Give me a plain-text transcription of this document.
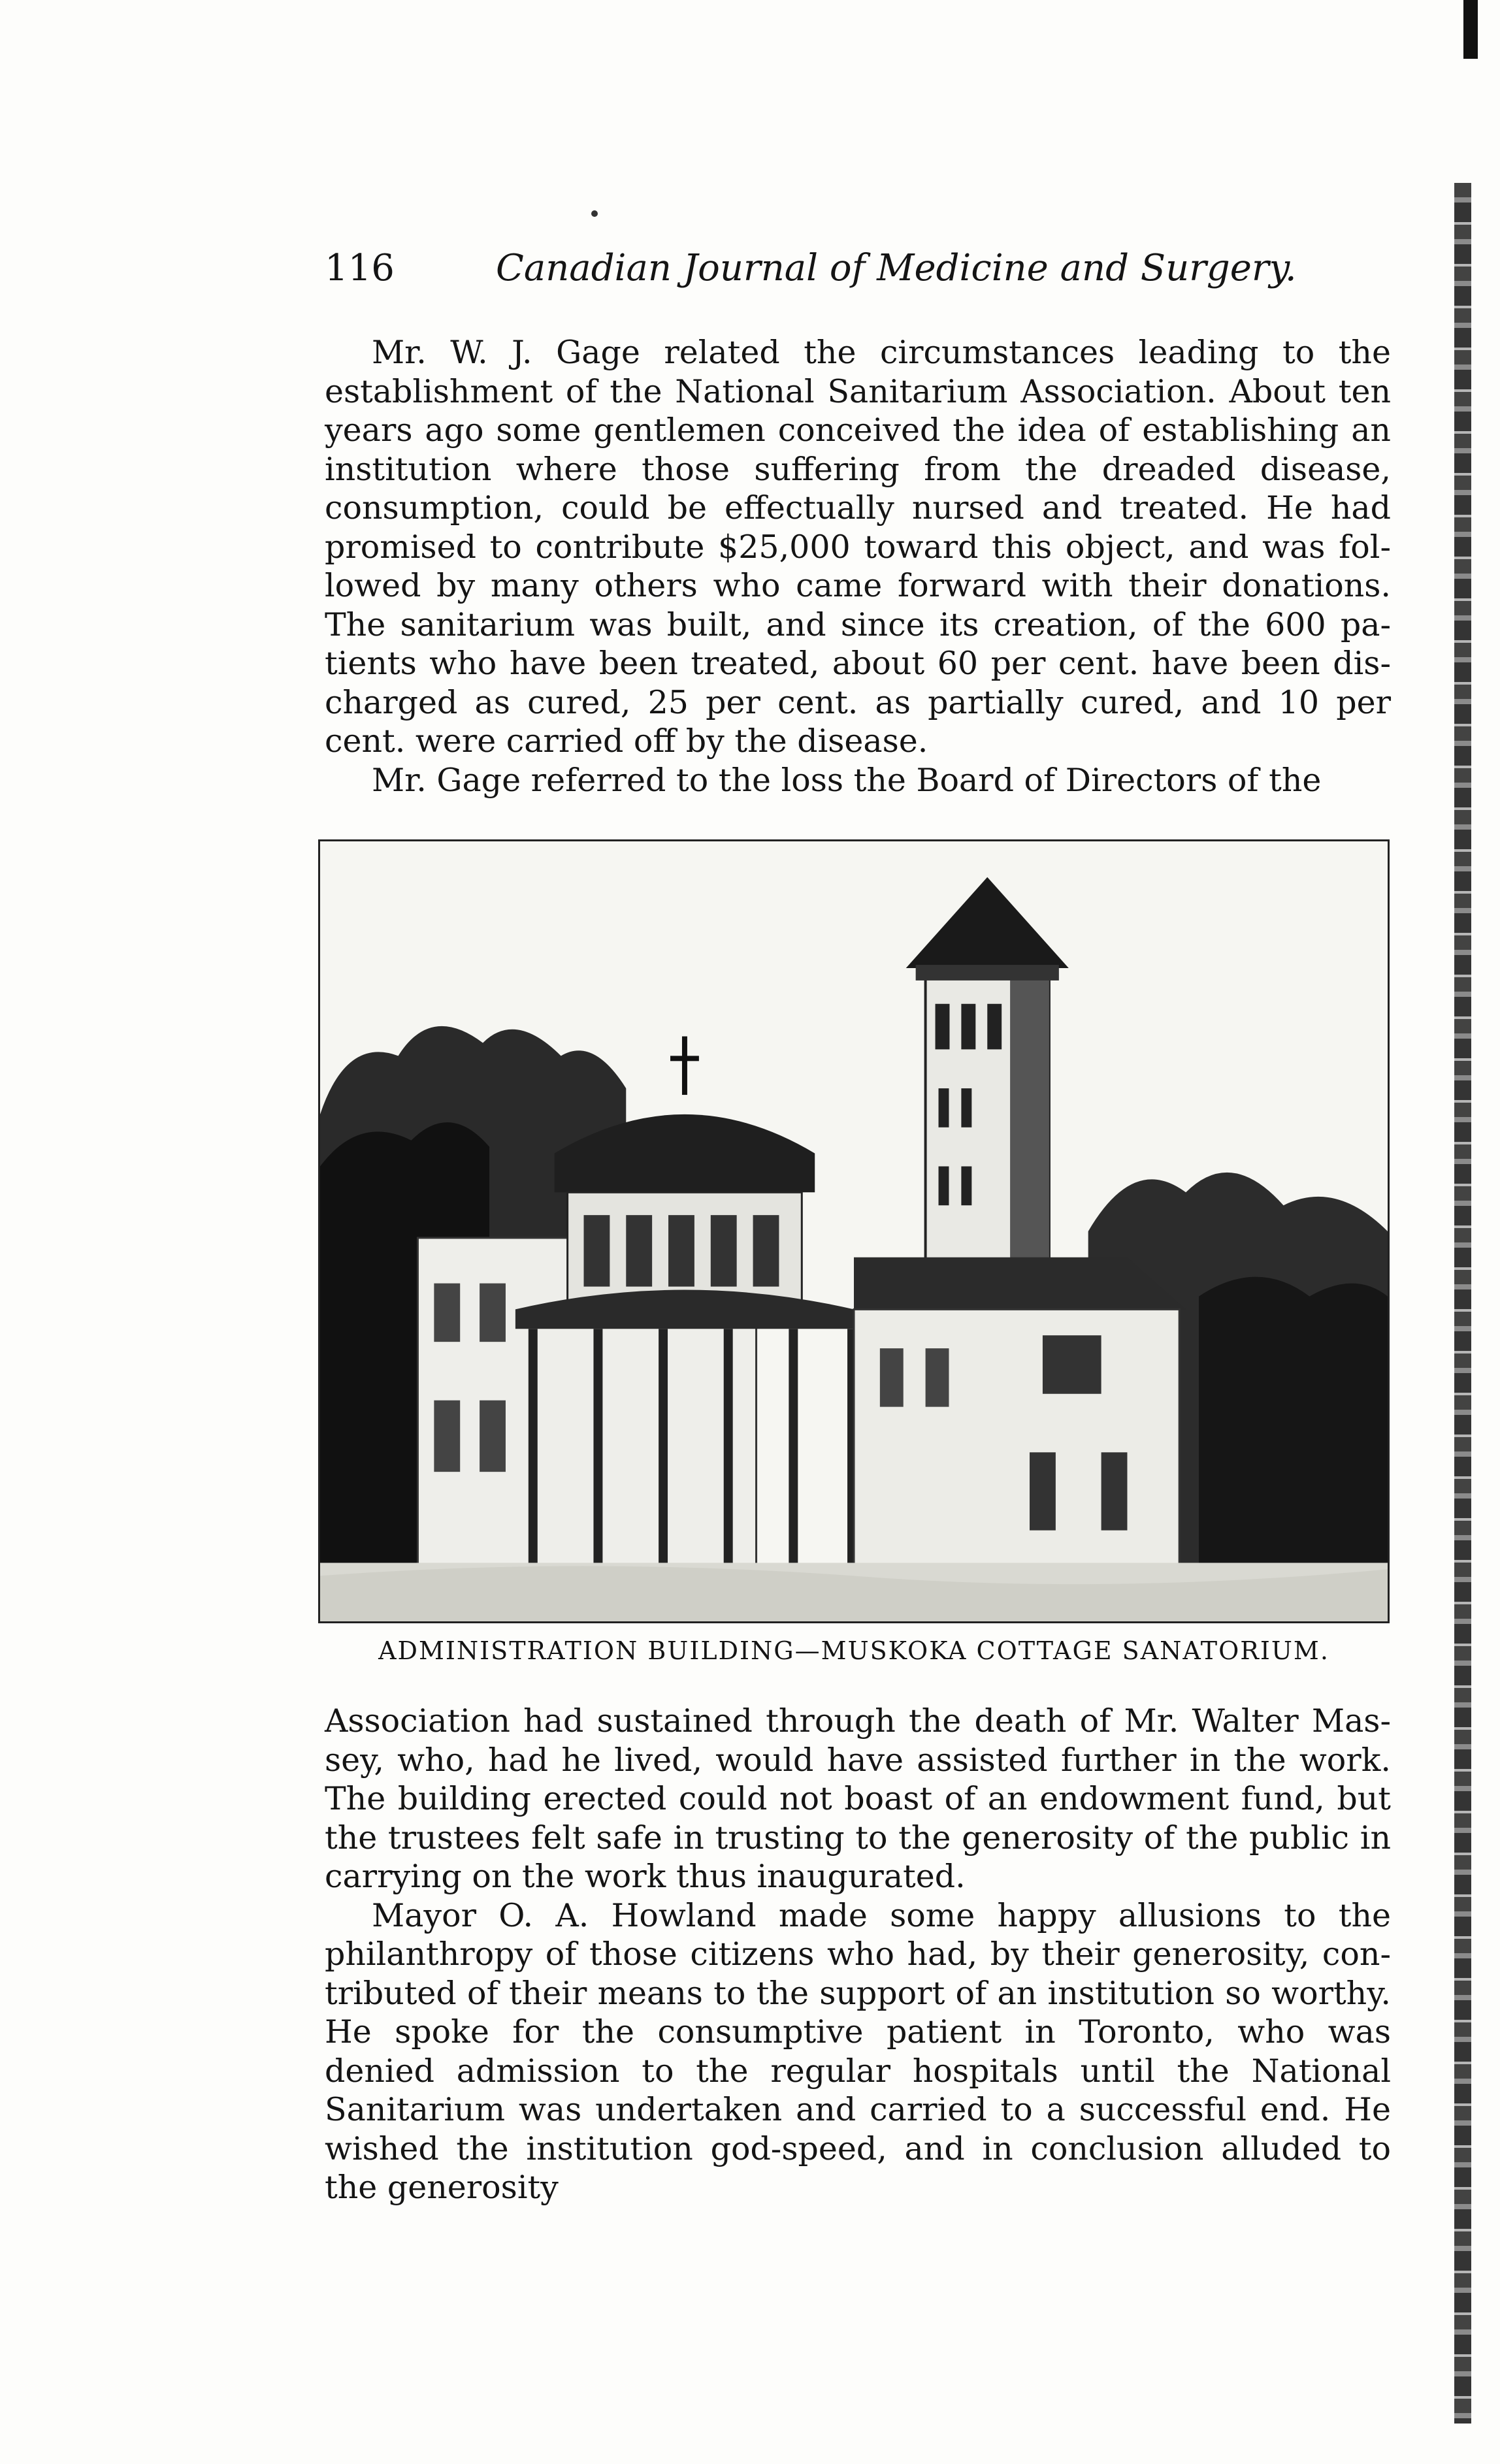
116	Canadian Journal of Medicine and Surgery.

Mr. W. J. Gage related the circumstances leading to the establishment of the National Sanitarium Association. About ten years ago some gentlemen conceived the idea of establishing an institution where those suffering from the dreaded disease, consumption, could be effectually nursed and treated. He had promised to contribute $25,000 toward this object, and was followed by many others who came forward with their donations. The sanitarium was built, and since its creation, of the 600 patients who have been treated, about 60 per cent. have been discharged as cured, 25 per cent. as partially cured, and 10 per cent. were carried off by the disease.

Mr. Gage referred to the loss the Board of Directors of the

ADMINISTRATION BUILDING—MUSKOKA COTTAGE SANATORIUM.

Association had sustained through the death of Mr. Walter Massey, who, had he lived, would have assisted further in the work. The building erected could not boast of an endowment fund, but the trustees felt safe in trusting to the generosity of the public in carrying on the work thus inaugurated.

Mayor O. A. Howland made some happy allusions to the philanthropy of those citizens who had, by their generosity, contributed of their means to the support of an institution so worthy. He spoke for the consumptive patient in Toronto, who was denied admission to the regular hospitals until the National Sanitarium was undertaken and carried to a successful end. He wished the institution god-speed, and in conclusion alluded to the generosity
